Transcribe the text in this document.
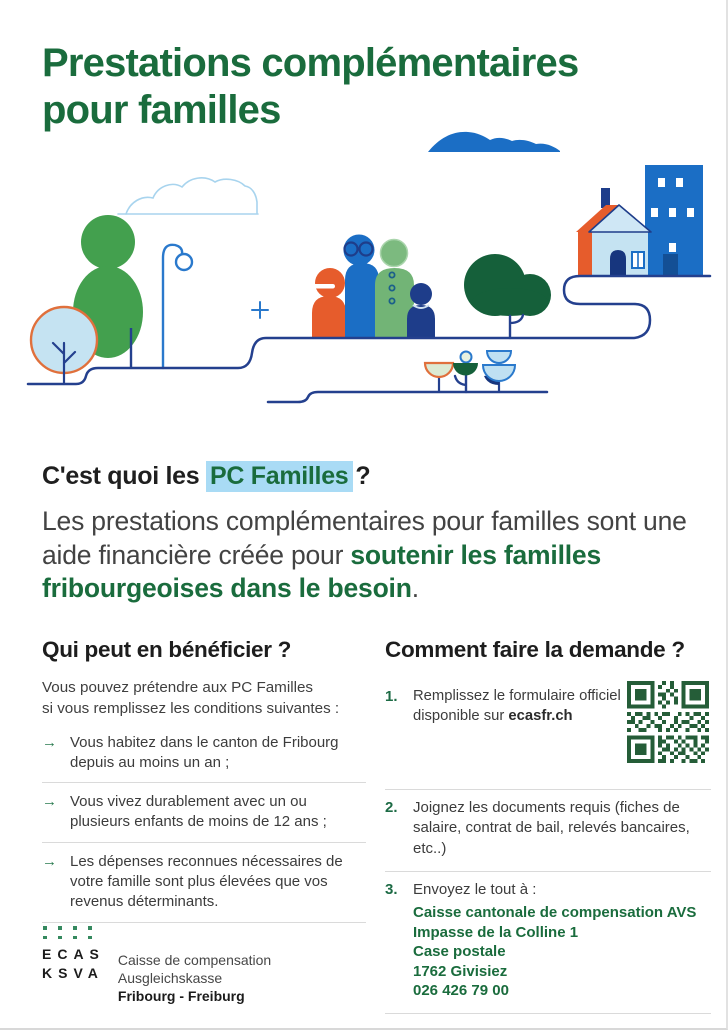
Prestations complémentaires
pour familles
C'est quoi les PC Familles ?

Les prestations complémentaires pour familles sont une aide financière créée pour soutenir les familles fribourgeoises dans le besoin.

Qui peut en bénéficier ?

Vous pouvez prétendre aux PC Familles
si vous remplissez les conditions suivantes :

→ Vous habitez dans le canton de Fribourg depuis au moins un an ;
→ Vous vivez durablement avec un ou plusieurs enfants de moins de 12 ans ;
→ Les dépenses reconnues nécessaires de votre famille sont plus élevées que vos revenus déterminants.
Comment faire la demande ?
1.	Remplissez le formulaire officiel disponible sur ecasfr.ch

2.	Joignez les documents requis (fiches de salaire, contrat de bail, relevés bancaires, etc..)

3.	Envoyez le tout à :

Caisse cantonale de compensation AVS
Impasse de la Colline 1
Case postale
1762 Givisiez
026 426 79 00

ECAS
KSVA
Caisse de compensation
Ausgleichskasse
Fribourg - Freiburg
